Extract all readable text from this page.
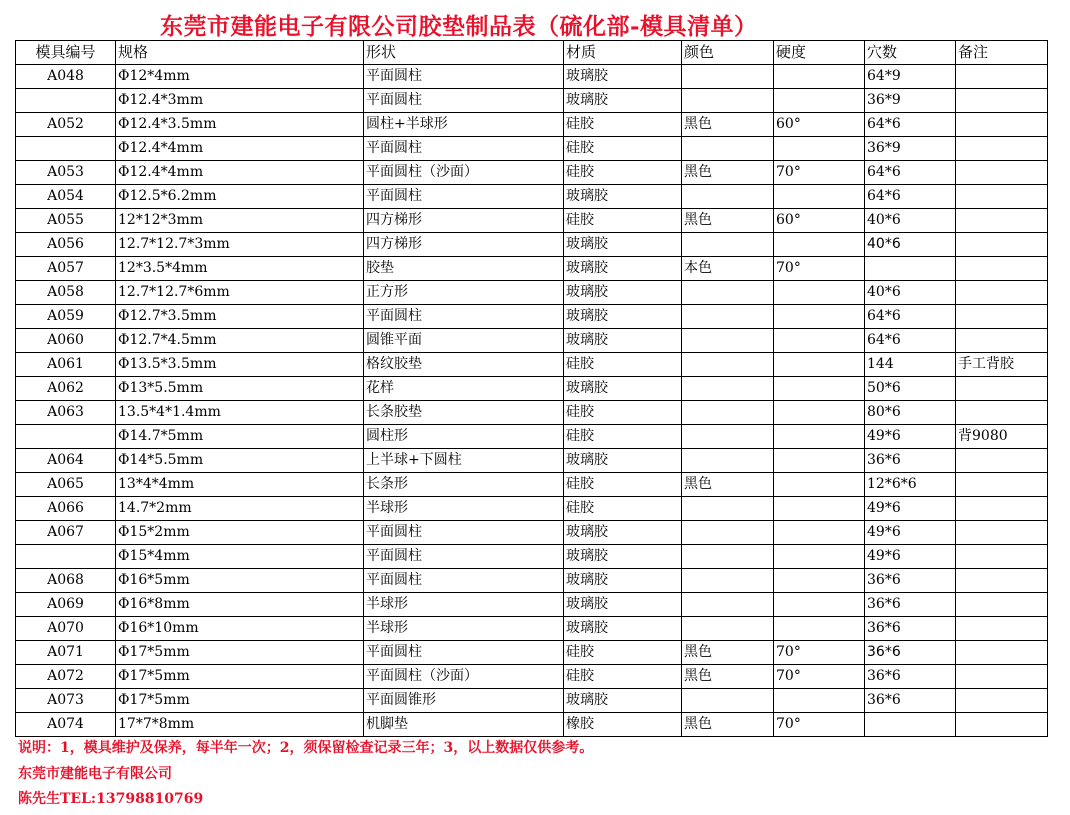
东莞市建能电子有限公司胶垫制品表（硫化部-模具清单）
模具编号	规格	形状	材质	颜色	硬度	穴数	备注
A048	Φ12*4mm	平面圆柱	玻璃胶			64*9	
	Φ12.4*3mm	平面圆柱	玻璃胶			36*9	
A052	Φ12.4*3.5mm	圆柱+半球形	硅胶	黑色	60°	64*6	
	Φ12.4*4mm	平面圆柱	硅胶			36*9	
A053	Φ12.4*4mm	平面圆柱（沙面）	硅胶	黑色	70°	64*6	
A054	Φ12.5*6.2mm	平面圆柱	玻璃胶			64*6	
A055	12*12*3mm	四方梯形	硅胶	黑色	60°	40*6	
A056	12.7*12.7*3mm	四方梯形	玻璃胶			40*6	
A057	12*3.5*4mm	胶垫	玻璃胶	本色	70°		
A058	12.7*12.7*6mm	正方形	玻璃胶			40*6	
A059	Φ12.7*3.5mm	平面圆柱	玻璃胶			64*6	
A060	Φ12.7*4.5mm	圆锥平面	玻璃胶			64*6	
A061	Φ13.5*3.5mm	格纹胶垫	硅胶			144	手工背胶
A062	Φ13*5.5mm	花样	玻璃胶			50*6	
A063	13.5*4*1.4mm	长条胶垫	硅胶			80*6	
	Φ14.7*5mm	圆柱形	硅胶			49*6	背9080
A064	Φ14*5.5mm	上半球+下圆柱	玻璃胶			36*6	
A065	13*4*4mm	长条形	硅胶	黑色		12*6*6	
A066	14.7*2mm	半球形	硅胶			49*6	
A067	Φ15*2mm	平面圆柱	玻璃胶			49*6	
	Φ15*4mm	平面圆柱	玻璃胶			49*6	
A068	Φ16*5mm	平面圆柱	玻璃胶			36*6	
A069	Φ16*8mm	半球形	玻璃胶			36*6	
A070	Φ16*10mm	半球形	玻璃胶			36*6	
A071	Φ17*5mm	平面圆柱	硅胶	黑色	70°	36*6	
A072	Φ17*5mm	平面圆柱（沙面）	硅胶	黑色	70°	36*6	
A073	Φ17*5mm	平面圆锥形	玻璃胶			36*6	
A074	17*7*8mm	机脚垫	橡胶	黑色	70°		
说明：1，模具维护及保养，每半年一次；2，须保留检查记录三年；3，以上数据仅供参考。
东莞市建能电子有限公司
陈先生TEL:13798810769
